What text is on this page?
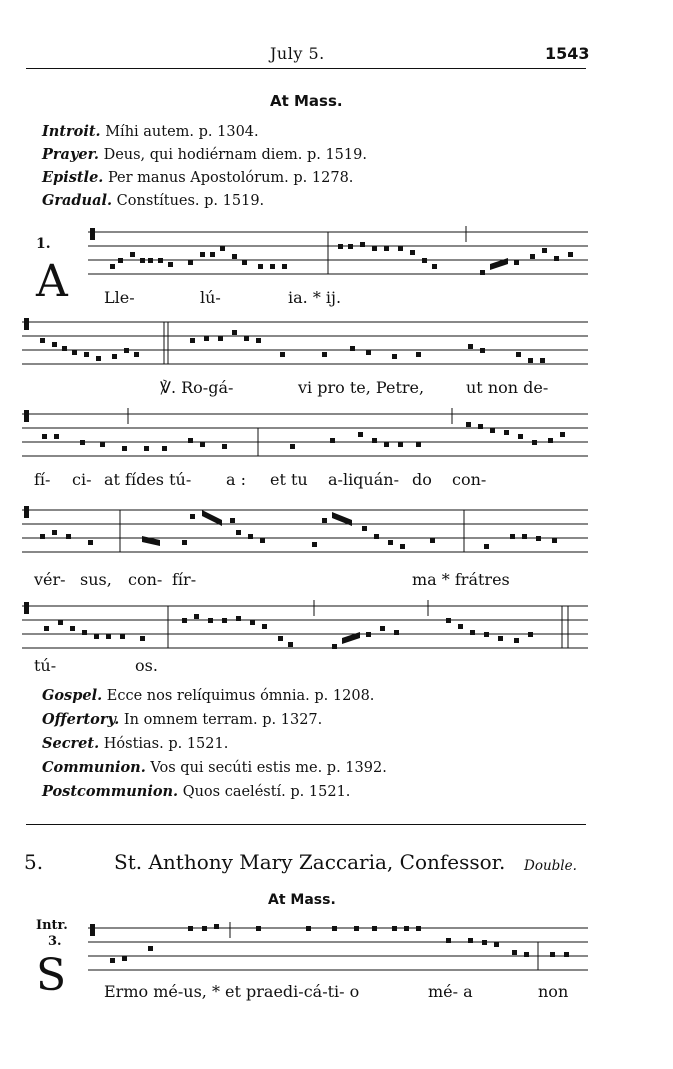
July 5.	1543
At Mass.
Introit. Míhi autem. p. 1304.
Prayer. Deus, qui hodiérnam diem. p. 1519.
Epistle. Per manus Apostolórum. p. 1278.
Gradual. Constítues. p. 1519.
1.
A Lle-	lú-	ia. * ij.
℣. Ro-gá-	vi pro te, Petre,	ut non de-
fí- ci- at fídes tú- a : et tu a-liquán- do con-
vér- sus, con- fír-	ma * frátres
tú-	os.
Gospel. Ecce nos relíquimus ómnia. p. 1208.
Offertory. In omnem terram. p. 1327.
Secret. Hóstias. p. 1521.
Communion. Vos qui secúti estis me. p. 1392.
Postcommunion. Quos caeléstí. p. 1521.
5.	St. Anthony Mary Zaccaria, Confessor. Double.
At Mass.
Intr.
3.
S Ermo mé-us, * et praedi-cá-ti- o	mé- a	non
